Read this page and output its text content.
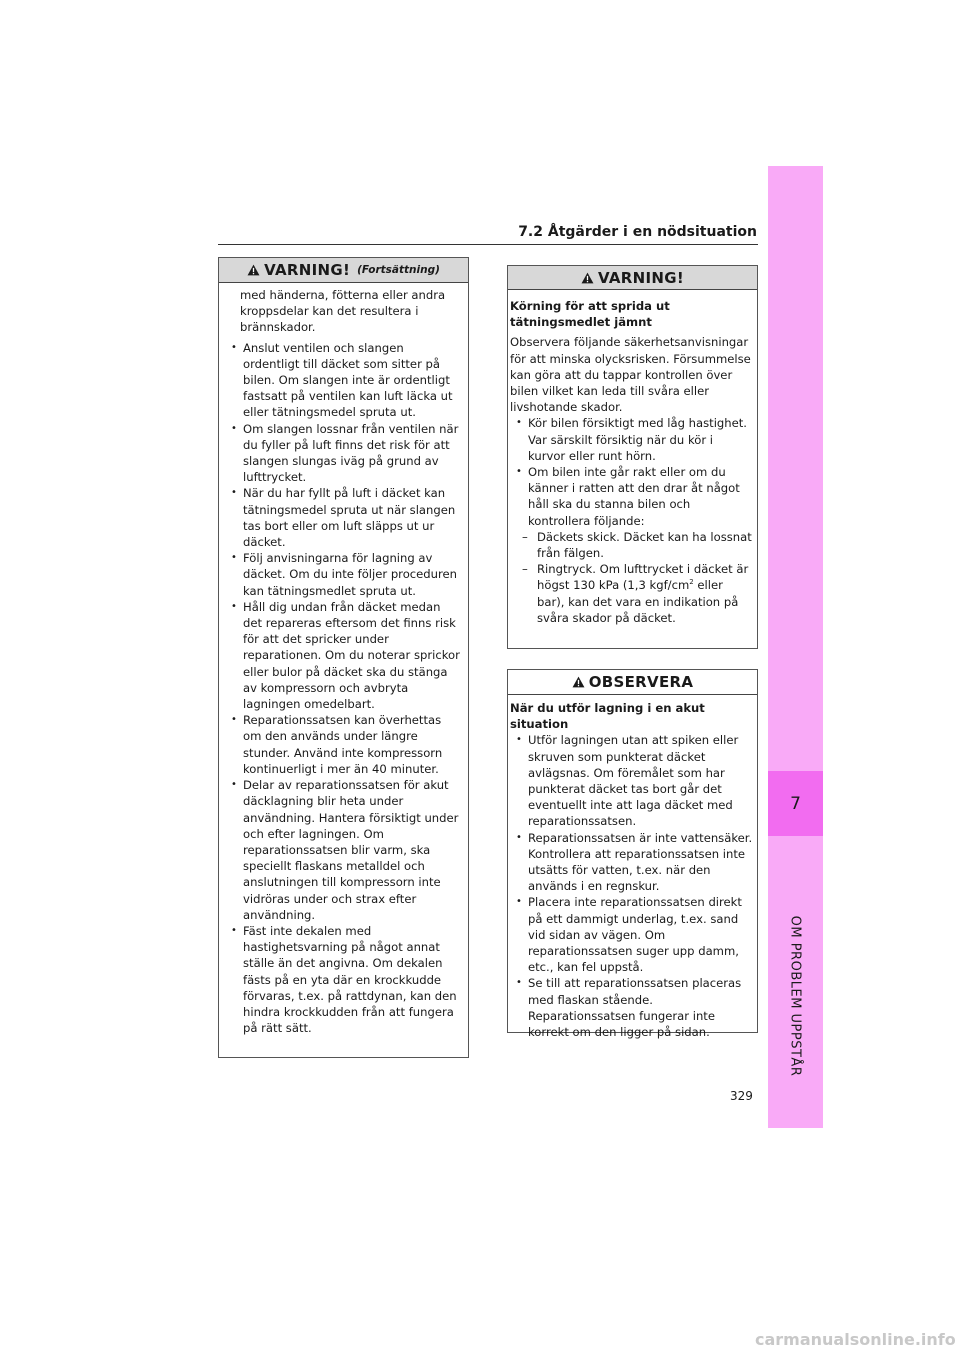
7
OM PROBLEM UPPSTÅR
7.2 Åtgärder i en nödsituation
VARNING! (Fortsättning)

med händerna, fötterna eller andra kroppsdelar kan det resultera i brännskador.

• Anslut ventilen och slangen ordentligt till däcket som sitter på bilen. Om slangen inte är ordentligt fastsatt på ventilen kan luft läcka ut eller tätningsmedel spruta ut.

• Om slangen lossnar från ventilen när du fyller på luft finns det risk för att slangen slungas iväg på grund av lufttrycket.

• När du har fyllt på luft i däcket kan tätningsmedel spruta ut när slangen tas bort eller om luft släpps ut ur däcket.

• Följ anvisningarna för lagning av däcket. Om du inte följer proceduren kan tätningsmedlet spruta ut.

• Håll dig undan från däcket medan det repareras eftersom det finns risk för att det spricker under reparationen. Om du noterar sprickor eller bulor på däcket ska du stänga av kompressorn och avbryta lagningen omedelbart.

• Reparationssatsen kan överhettas om den används under längre stunder. Använd inte kompressorn kontinuerligt i mer än 40 minuter.

• Delar av reparationssatsen för akut däcklagning blir heta under användning. Hantera försiktigt under och efter lagningen. Om reparationssatsen blir varm, ska speciellt flaskans metalldel och anslutningen till kompressorn inte vidröras under och strax efter användning.

• Fäst inte dekalen med hastighetsvarning på något annat ställe än det angivna. Om dekalen fästs på en yta där en krockkudde förvaras, t.ex. på rattdynan, kan den hindra krockkudden från att fungera på rätt sätt.

VARNING!

Körning för att sprida ut tätningsmedlet jämnt

Observera följande säkerhetsanvisningar för att minska olycksrisken. Försummelse kan göra att du tappar kontrollen över bilen vilket kan leda till svåra eller livshotande skador.

• Kör bilen försiktigt med låg hastighet. Var särskilt försiktig när du kör i kurvor eller runt hörn.

• Om bilen inte går rakt eller om du känner i ratten att den drar åt något håll ska du stanna bilen och kontrollera följande:

– Däckets skick. Däcket kan ha lossnat från fälgen.

– Ringtryck. Om lufttrycket i däcket är högst 130 kPa (1,3 kgf/$cm^2$ eller bar), kan det vara en indikation på svåra skador på däcket.

OBSERVERA

När du utför lagning i en akut situation

• Utför lagningen utan att spiken eller skruven som punkterat däcket avlägsnas. Om föremålet som har punkterat däcket tas bort går det eventuellt inte att laga däcket med reparationssatsen.

• Reparationssatsen är inte vattensäker. Kontrollera att reparationssatsen inte utsätts för vatten, t.ex. när den används i en regnskur.

• Placera inte reparationssatsen direkt på ett dammigt underlag, t.ex. sand vid sidan av vägen. Om reparationssatsen suger upp damm, etc., kan fel uppstå.

• Se till att reparationssatsen placeras med flaskan stående. Reparationssatsen fungerar inte korrekt om den ligger på sidan.

329
carmanualsonline.info
